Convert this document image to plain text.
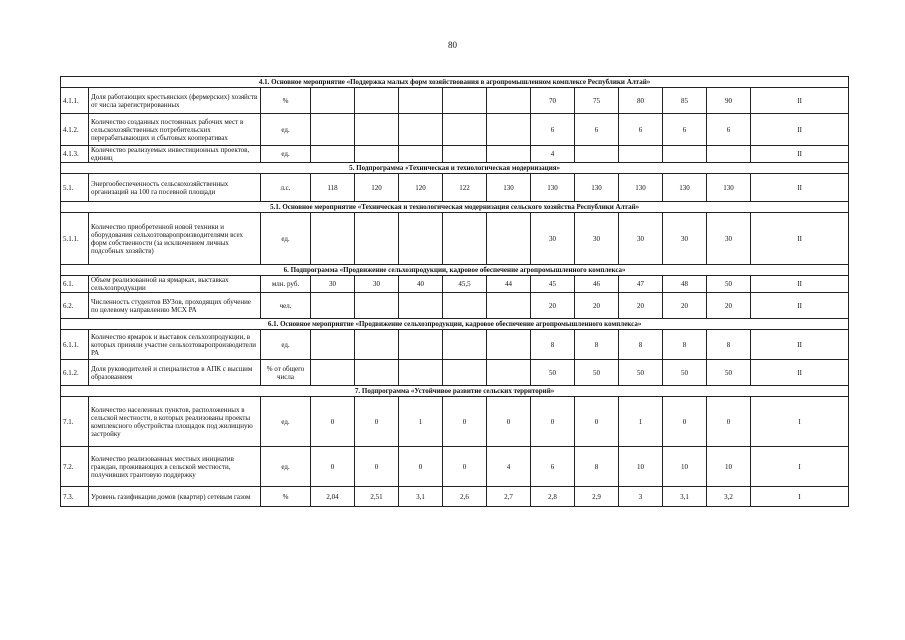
80
4.1. Основное мероприятие «Поддержка малых форм хозяйствования в агропромышленном комплексе Республики Алтай»													
4.1.1.	Доля работающих крестьянских (фермерских) хозяйств от числа зарегистрированных	%						70	75	80	85	90	II
4.1.2.	Количество созданных постоянных рабочих мест в сельскохозяйственных потребительских перерабатывающих и сбытовых кооперативах	ед.						6	6	6	6	6	II
4.1.3.	Количество реализуемых инвестиционных проектов, единиц	ед.						4					II
5. Подпрограмма «Техническая и технологическая модернизация»													
5.1.	Энергообеспеченность сельскохозяйственных организаций на 100 га посевной площади	л.с.	118	120	120	122	130	130	130	130	130	130	II
5.1. Основное мероприятие «Техническая и технологическая модернизация сельского хозяйства Республики Алтай»													
5.1.1.	Количество приобретенной новой техники и оборудования сельхозтоваропроизводителями всех форм собственности (за исключением личных подсобных хозяйств)	ед.						30	30	30	30	30	II
6. Подпрограмма «Продвижение сельхозпродукции, кадровое обеспечение агропромышленного комплекса»													
6.1.	Объем реализованной на ярмарках, выставках сельхозпродукции	млн. руб.	30	30	40	45,5	44	45	46	47	48	50	II
6.2.	Численность студентов ВУЗов, проходящих обучение по целевому направлению МСХ РА	чел.						20	20	20	20	20	II
6.1. Основное мероприятие «Продвижение сельхозпродукции, кадровое обеспечение агропромышленного комплекса»													
6.1.1.	Количество ярмарок и выставок сельхозпродукции, в которых приняли участие сельхозтоваропроизводители РА	ед.						8	8	8	8	8	II
6.1.2.	Доля руководителей и специалистов в АПК с высшим образованием	% от общего числа						50	50	50	50	50	II
7. Подпрограмма «Устойчивое развитие сельских территорий»													
7.1.	Количество населенных пунктов, расположенных в сельской местности, в которых реализованы проекты комплексного обустройства площадок под жилищную застройку	ед.	0	0	1	0	0	0	0	1	0	0	I
7.2.	Количество реализованных местных инициатив граждан, проживающих в сельской местности, получивших грантовую поддержку	ед.	0	0	0	0	4	6	8	10	10	10	I
7.3.	Уровень газификации домов (квартир) сетевым газом	%	2,04	2,51	3,1	2,6	2,7	2,8	2,9	3	3,1	3,2	I
